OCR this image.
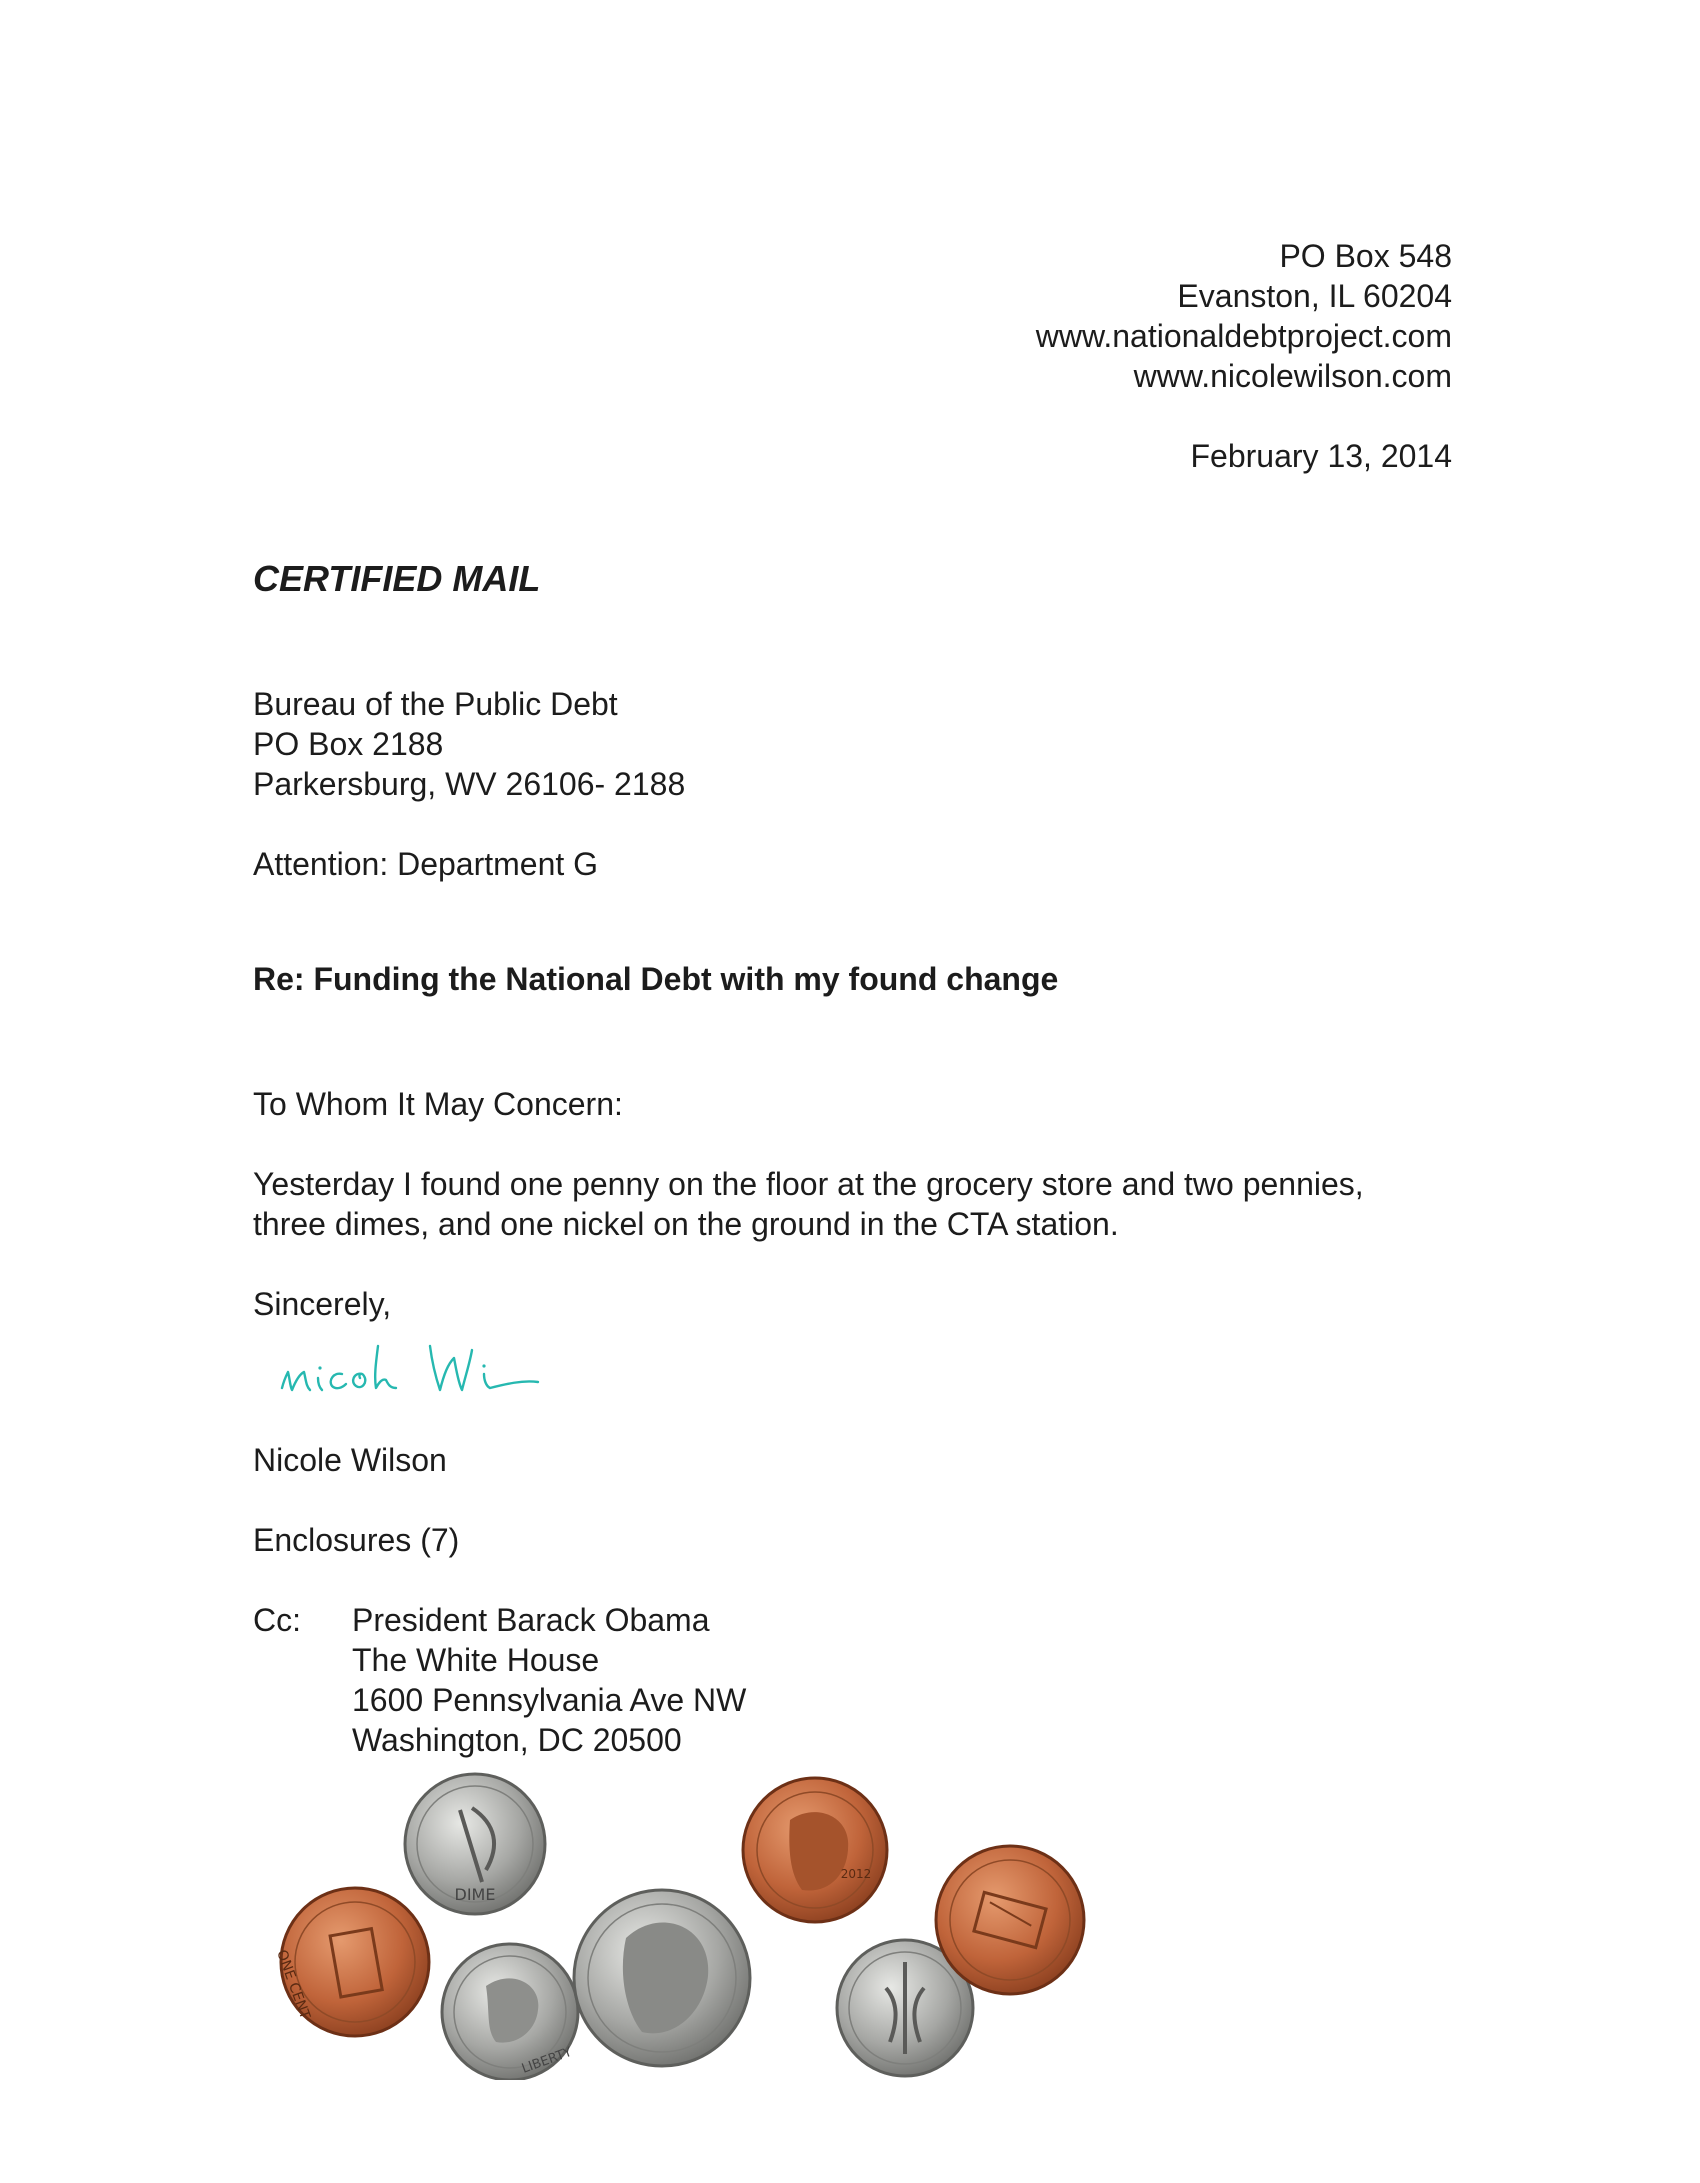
PO Box 548
Evanston, IL 60204
www.nationaldebtproject.com
www.nicolewilson.com
February 13, 2014
CERTIFIED MAIL
Bureau of the Public Debt
PO Box 2188
Parkersburg, WV 26106- 2188
Attention: Department G
Re: Funding the National Debt with my found change
To Whom It May Concern:
Yesterday I found one penny on the floor at the grocery store and two pennies,
three dimes, and one nickel on the ground in the CTA station.
Sincerely,
Nicole Wilson
Enclosures (7)
Cc: President Barack Obama
The White House
1600 Pennsylvania Ave NW
Washington, DC 20500
DIME
ONE CENT
LIBERTY
2012
